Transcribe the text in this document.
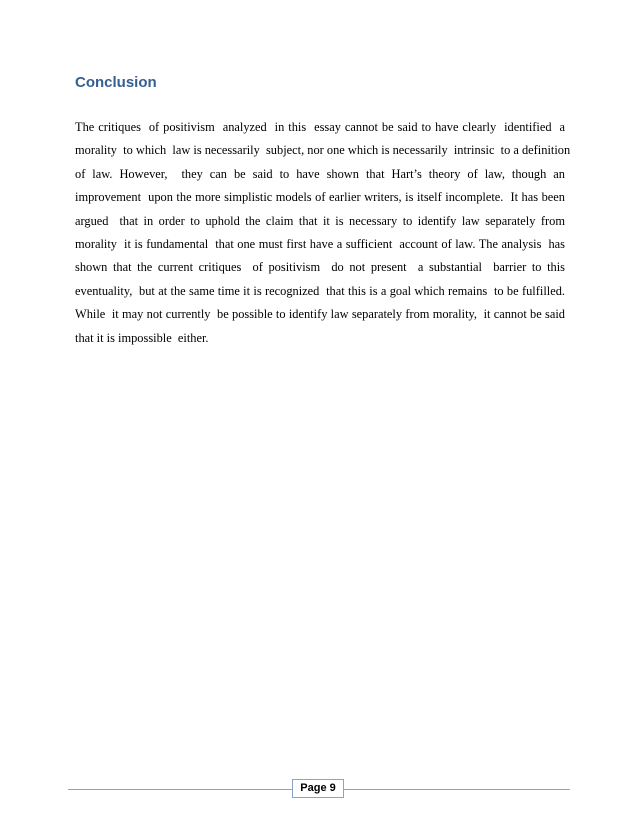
Conclusion
The critiques  of positivism  analyzed  in this  essay cannot be said to have clearly  identified  a
morality  to which  law is necessarily  subject, nor one which is necessarily  intrinsic  to a definition
of law. However,  they can be said to have shown that Hart’s theory of law, though an
improvement  upon the more simplistic models of earlier writers, is itself incomplete.  It has been
argued  that in order to uphold the claim that it is necessary to identify law separately from
morality  it is fundamental  that one must first have a sufficient  account of law. The analysis  has
shown that the current critiques  of positivism  do not present  a substantial  barrier to this
eventuality,  but at the same time it is recognized  that this is a goal which remains  to be fulfilled.
While  it may not currently  be possible to identify law separately from morality,  it cannot be said
that it is impossible  either.
Page 9
